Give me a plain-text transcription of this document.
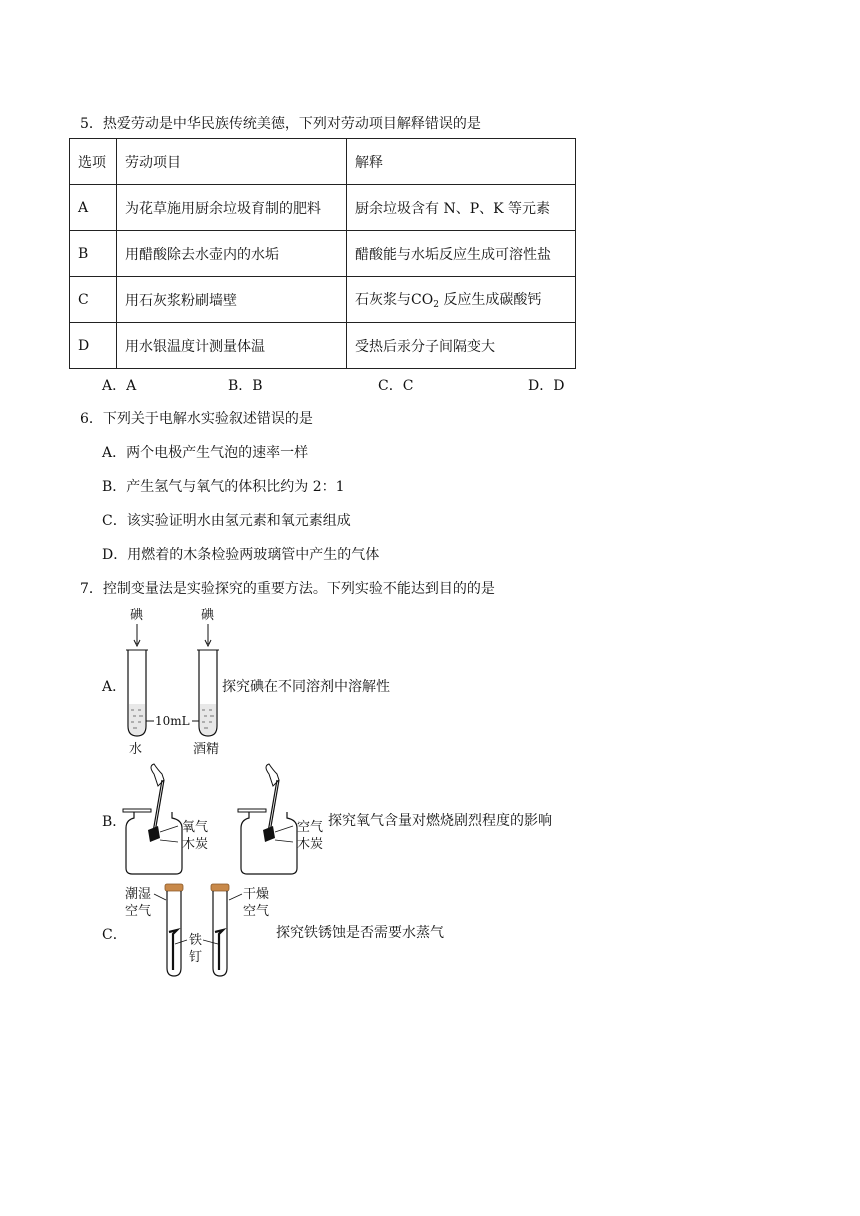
5．热爱劳动是中华民族传统美德，下列对劳动项目解释错误的是
选项	劳动项目	解释
A	为花草施用厨余垃圾育制的肥料	厨余垃圾含有 N、P、K 等元素
B	用醋酸除去水壶内的水垢	醋酸能与水垢反应生成可溶性盐
C	用石灰浆粉刷墙壁	石灰浆与$CO_2$ 反应生成碳酸钙
D	用水银温度计测量体温	受热后汞分子间隔变大
A．A	B．B	C．C	D．D
6．下列关于电解水实验叙述错误的是
A．两个电极产生气泡的速率一样
B．产生氢气与氧气的体积比约为 2：1
C．该实验证明水由氢元素和氧元素组成
D．用燃着的木条检验两玻璃管中产生的气体
7．控制变量法是实验探究的重要方法。下列实验不能达到目的的是
A．
碘	碘
10mL
水	酒精
探究碘在不同溶剂中溶解性
B．	氧气
木炭
空气
木炭
探究氧气含量对燃烧剧烈程度的影响
C．
潮湿
空气
干燥
空气
铁
钉
探究铁锈蚀是否需要水蒸气
